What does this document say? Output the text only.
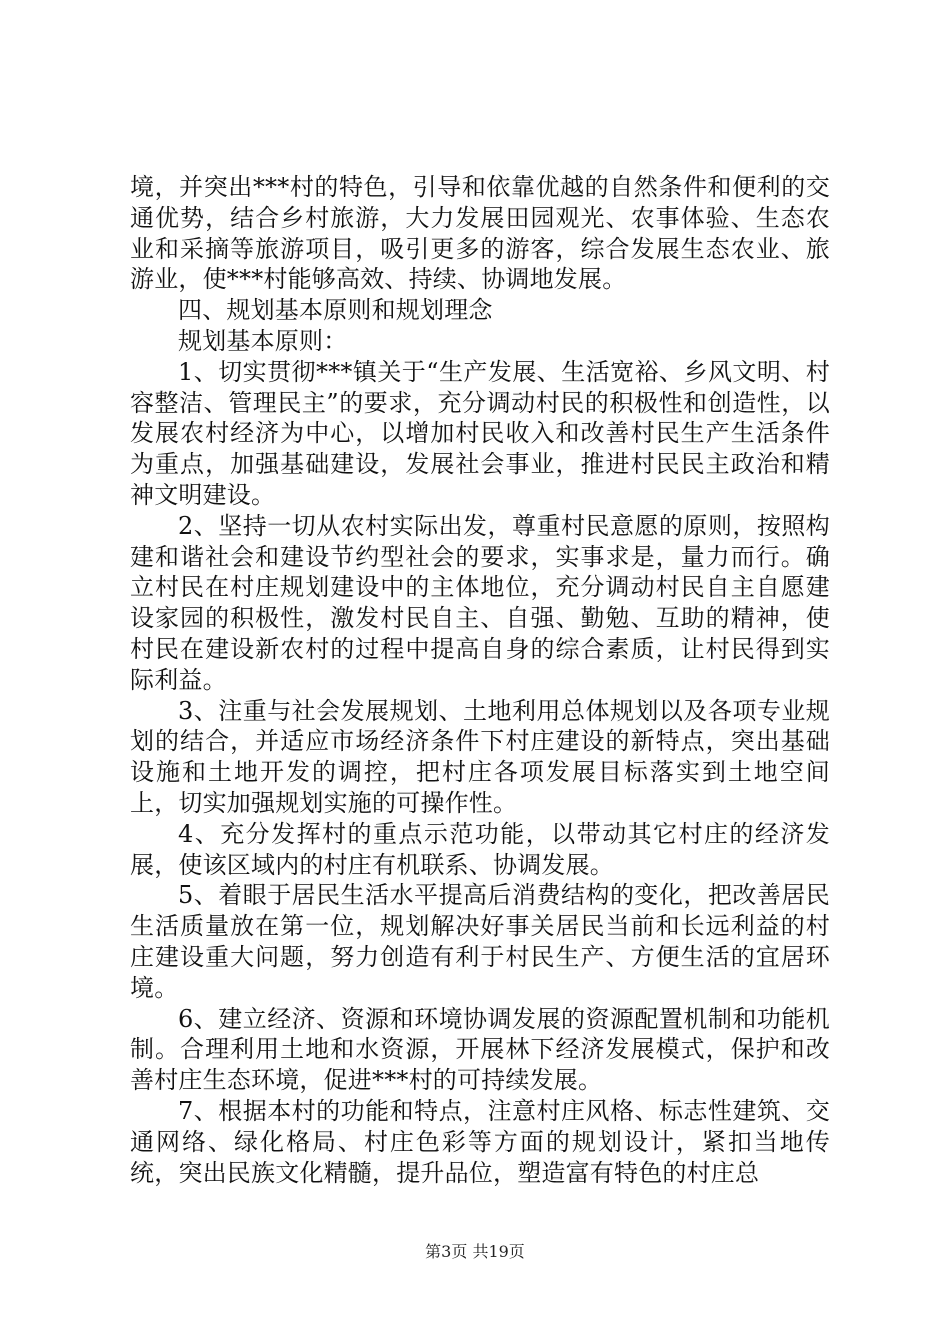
境，并突出***村的特色，引导和依靠优越的自然条件和便利的交通优势，结合乡村旅游，大力发展田园观光、农事体验、生态农业和采摘等旅游项目，吸引更多的游客，综合发展生态农业、旅游业，使***村能够高效、持续、协调地发展。

四、规划基本原则和规划理念

规划基本原则：

1、切实贯彻***镇关于“生产发展、生活宽裕、乡风文明、村容整洁、管理民主”的要求，充分调动村民的积极性和创造性，以发展农村经济为中心，以增加村民收入和改善村民生产生活条件为重点，加强基础建设，发展社会事业，推进村民民主政治和精神文明建设。

2、坚持一切从农村实际出发，尊重村民意愿的原则，按照构建和谐社会和建设节约型社会的要求，实事求是，量力而行。确立村民在村庄规划建设中的主体地位，充分调动村民自主自愿建设家园的积极性，激发村民自主、自强、勤勉、互助的精神，使村民在建设新农村的过程中提高自身的综合素质，让村民得到实际利益。

3、注重与社会发展规划、土地利用总体规划以及各项专业规划的结合，并适应市场经济条件下村庄建设的新特点，突出基础设施和土地开发的调控，把村庄各项发展目标落实到土地空间上，切实加强规划实施的可操作性。

4、充分发挥村的重点示范功能，以带动其它村庄的经济发展，使该区域内的村庄有机联系、协调发展。

5、着眼于居民生活水平提高后消费结构的变化，把改善居民生活质量放在第一位，规划解决好事关居民当前和长远利益的村庄建设重大问题，努力创造有利于村民生产、方便生活的宜居环境。

6、建立经济、资源和环境协调发展的资源配置机制和功能机制。合理利用土地和水资源，开展林下经济发展模式，保护和改善村庄生态环境，促进***村的可持续发展。

7、根据本村的功能和特点，注意村庄风格、标志性建筑、交通网络、绿化格局、村庄色彩等方面的规划设计，紧扣当地传统，突出民族文化精髓，提升品位，塑造富有特色的村庄总

第3页 共19页
